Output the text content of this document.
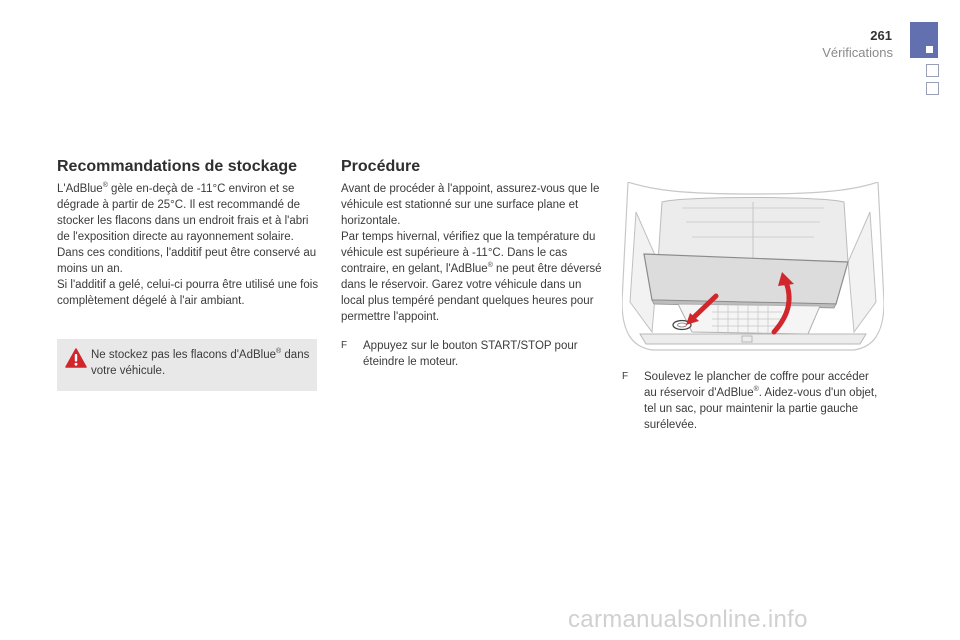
261
Vérifications
Recommandations de stockage

L'AdBlue® gèle en-deçà de -11°C environ et se dégrade à partir de 25°C. Il est recommandé de stocker les flacons dans un endroit frais et à l'abri de l'exposition directe au rayonnement solaire.

Dans ces conditions, l'additif peut être conservé au moins un an.

Si l'additif a gelé, celui-ci pourra être utilisé une fois complètement dégelé à l'air ambiant.

Ne stockez pas les flacons d'AdBlue® dans votre véhicule.
Procédure

Avant de procéder à l'appoint, assurez-vous que le véhicule est stationné sur une surface plane et horizontale.

Par temps hivernal, vérifiez que la température du véhicule est supérieure à -11°C. Dans le cas contraire, en gelant, l'AdBlue® ne peut être déversé dans le réservoir. Garez votre véhicule dans un local plus tempéré pendant quelques heures pour permettre l'appoint.

F Appuyez sur le bouton START/STOP pour éteindre le moteur.
F Soulevez le plancher de coffre pour accéder au réservoir d'AdBlue®. Aidez-vous d'un objet, tel un sac, pour maintenir la partie gauche surélevée.
carmanualsonline.info
